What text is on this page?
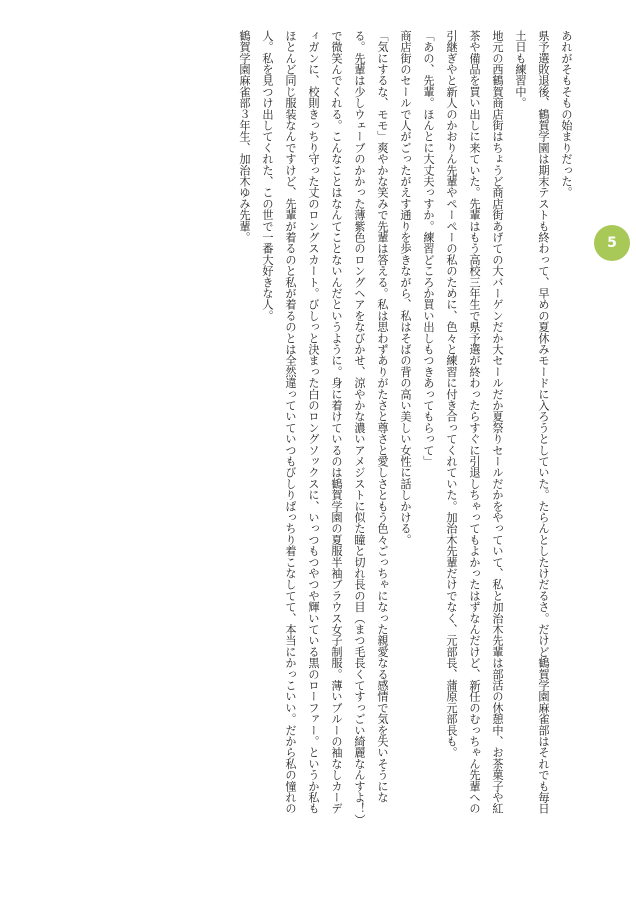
5

あれがそもそもの始まりだった。

県予選敗退後、鶴賀学園は期末テストも終わって、早めの夏休みモードに入ろうとしていた。たらんとしたけだるさ。だけど鶴賀学園麻雀部はそれでも毎日土日も練習中。

地元の西鶴賀商店街はちょうど商店街あげての大バーゲンだか大セールだか夏祭りセールだかをやっていて、私と加治木先輩は部活の休憩中、お茶菓子や紅茶や備品を買い出しに来ていた。先輩はもう高校三年生で県予選が終わったらすぐに引退しちゃってもよかったはずなんだけど、新任のむっちゃん先輩への引継ぎやと新人のかおりん先輩やペーペーの私のために、色々と練習に付き合ってくれていた。加治木先輩だけでなく、元部長、蒲原元部長も。

「あの、先輩。ほんとに大丈夫っすか。練習どころか買い出しもつきあってもらって」

商店街のセールで人がごったがえす通りを歩きながら、私はそばの背の高い美しい女性に話しかける。

「気にするな、モモ」爽やかな笑みで先輩は答える。私は思わずありがたさと尊さと愛しさともう色々ごっちゃになった親愛なる感情で気を失いそうになる。先輩は少しウェーブのかかった薄紫色のロングヘアをなびかせ、涼やかな濃いアメジストに似た瞳と切れ長の目（まつ毛長くてすっごい綺麗なんすよ！）で微笑んでくれる。こんなことはなんてことないんだというように。身に着けているのは鶴賀学園の夏服半袖ブラウス女子制服。薄いブルーの袖なしカーディガンに、校則きっちり守った丈のロングスカート。びしっと決まった白のロングソックスに、いっつもつやつや輝いている黒のローファー。というか私もほとんど同じ服装なんですけど、先輩が着るのと私が着るのとは全然違っていていつもびしりぱっちり着こなしてて、本当にかっこいい。だから私の憧れの人。私を見つけ出してくれた、この世で一番大好きな人。

鶴賀学園麻雀部３年生、加治木ゆみ先輩。
